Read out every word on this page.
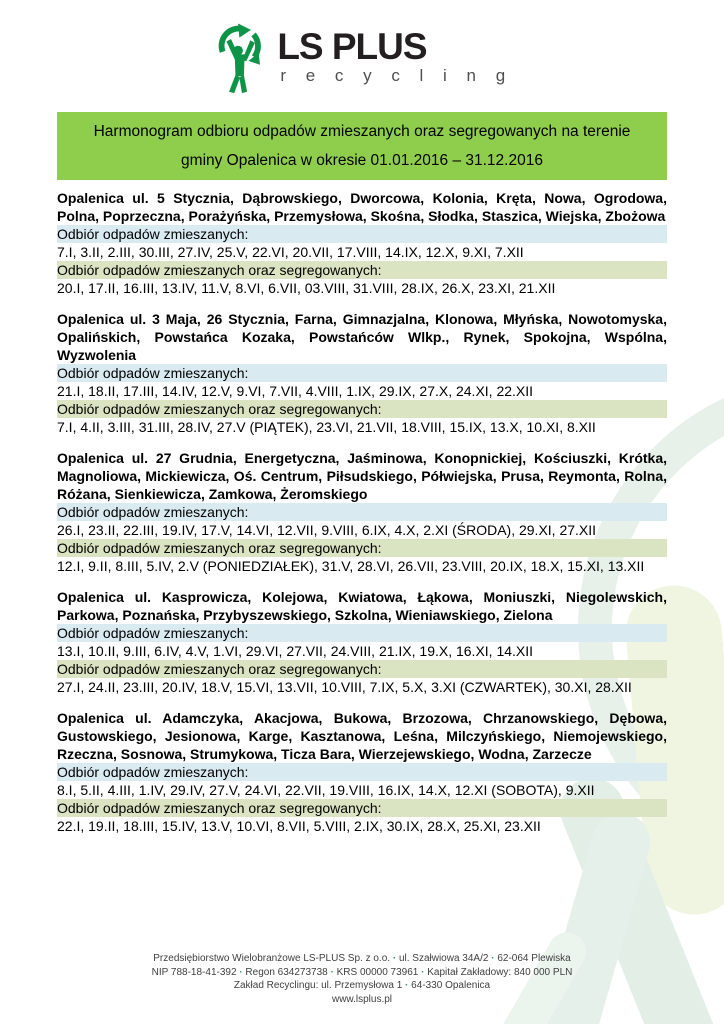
LS PLUS
r e c y c l i n g
Harmonogram odbioru odpadów zmieszanych oraz segregowanych na terenie
gminy Opalenica w okresie 01.01.2016 – 31.12.2016
Opalenica ul. 5 Stycznia, Dąbrowskiego, Dworcowa, Kolonia, Kręta, Nowa, Ogrodowa, Polna, Poprzeczna, Porażyńska, Przemysłowa, Skośna, Słodka, Staszica, Wiejska, Zbożowa
Odbiór odpadów zmieszanych:
7.I, 3.II, 2.III, 30.III, 27.IV, 25.V, 22.VI, 20.VII, 17.VIII, 14.IX, 12.X, 9.XI, 7.XII
Odbiór odpadów zmieszanych oraz segregowanych:
20.I, 17.II, 16.III, 13.IV, 11.V, 8.VI, 6.VII, 03.VIII, 31.VIII, 28.IX, 26.X, 23.XI, 21.XII
Opalenica ul. 3 Maja, 26 Stycznia, Farna, Gimnazjalna, Klonowa, Młyńska, Nowotomyska, Opalińskich, Powstańca Kozaka, Powstańców Wlkp., Rynek, Spokojna, Wspólna, Wyzwolenia
Odbiór odpadów zmieszanych:
21.I, 18.II, 17.III, 14.IV, 12.V, 9.VI, 7.VII, 4.VIII, 1.IX, 29.IX, 27.X, 24.XI, 22.XII
Odbiór odpadów zmieszanych oraz segregowanych:
7.I, 4.II, 3.III, 31.III, 28.IV, 27.V (PIĄTEK), 23.VI, 21.VII, 18.VIII, 15.IX, 13.X, 10.XI, 8.XII
Opalenica ul. 27 Grudnia, Energetyczna, Jaśminowa, Konopnickiej, Kościuszki, Krótka, Magnoliowa, Mickiewicza, Oś. Centrum, Piłsudskiego, Półwiejska, Prusa, Reymonta, Rolna, Różana, Sienkiewicza, Zamkowa, Żeromskiego
Odbiór odpadów zmieszanych:
26.I, 23.II, 22.III, 19.IV, 17.V, 14.VI, 12.VII, 9.VIII, 6.IX, 4.X, 2.XI (ŚRODA), 29.XI, 27.XII
Odbiór odpadów zmieszanych oraz segregowanych:
12.I, 9.II, 8.III, 5.IV, 2.V (PONIEDZIAŁEK), 31.V, 28.VI, 26.VII, 23.VIII, 20.IX, 18.X, 15.XI, 13.XII
Opalenica ul. Kasprowicza, Kolejowa, Kwiatowa, Łąkowa, Moniuszki, Niegolewskich, Parkowa, Poznańska, Przybyszewskiego, Szkolna, Wieniawskiego, Zielona
Odbiór odpadów zmieszanych:
13.I, 10.II, 9.III, 6.IV, 4.V, 1.VI, 29.VI, 27.VII, 24.VIII, 21.IX, 19.X, 16.XI, 14.XII
Odbiór odpadów zmieszanych oraz segregowanych:
27.I, 24.II, 23.III, 20.IV, 18.V, 15.VI, 13.VII, 10.VIII, 7.IX, 5.X, 3.XI (CZWARTEK), 30.XI, 28.XII
Opalenica ul. Adamczyka, Akacjowa, Bukowa, Brzozowa, Chrzanowskiego, Dębowa, Gustowskiego, Jesionowa, Karge, Kasztanowa, Leśna, Milczyńskiego, Niemojewskiego, Rzeczna, Sosnowa, Strumykowa, Ticza Bara, Wierzejewskiego, Wodna, Zarzecze
Odbiór odpadów zmieszanych:
8.I, 5.II, 4.III, 1.IV, 29.IV, 27.V, 24.VI, 22.VII, 19.VIII, 16.IX, 14.X, 12.XI (SOBOTA), 9.XII
Odbiór odpadów zmieszanych oraz segregowanych:
22.I, 19.II, 18.III, 15.IV, 13.V, 10.VI, 8.VII, 5.VIII, 2.IX, 30.IX, 28.X, 25.XI, 23.XII
Przedsiębiorstwo Wielobranżowe LS-PLUS Sp. z o.o. · ul. Szałwiowa 34A/2 · 62-064 Plewiska
NIP 788-18-41-392 · Regon 634273738 · KRS 00000 73961 · Kapitał Zakładowy: 840 000 PLN
Zakład Recyclingu: ul. Przemysłowa 1 · 64-330 Opalenica
www.lsplus.pl
